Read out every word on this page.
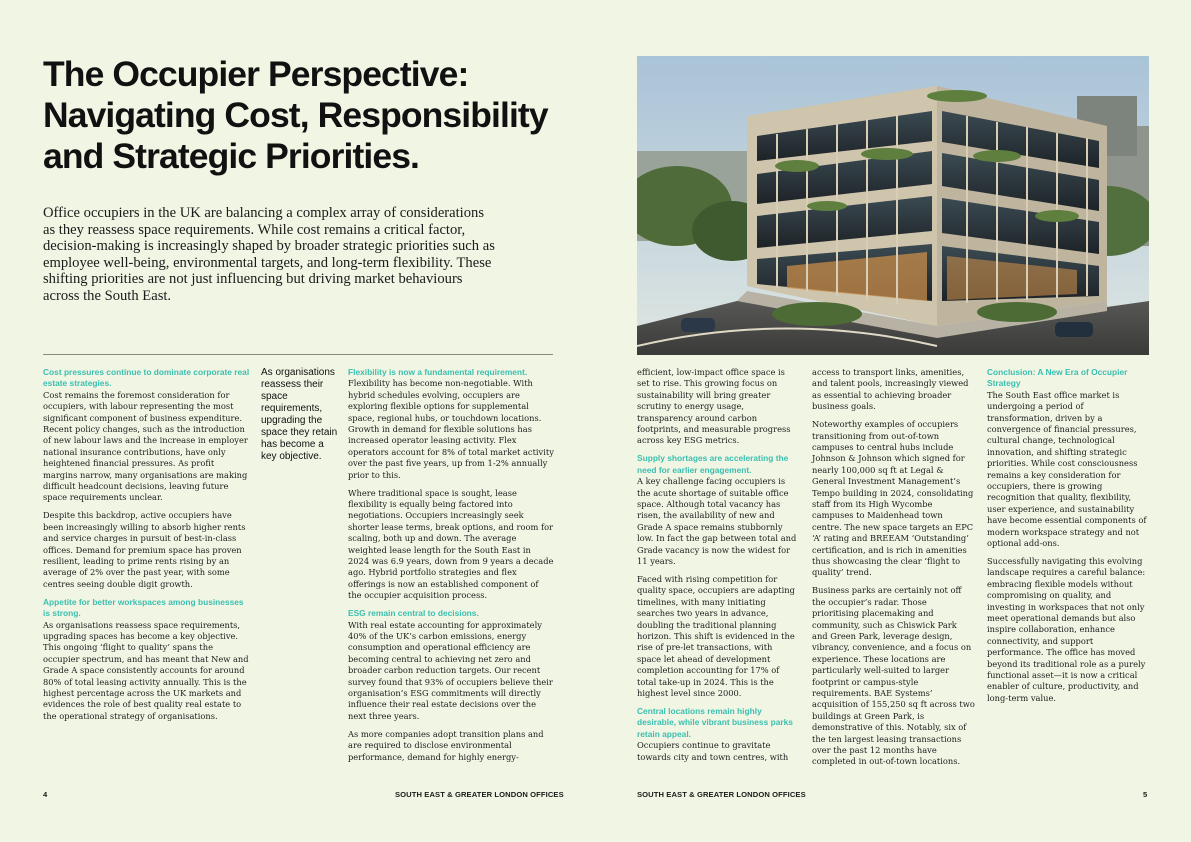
The Occupier Perspective:
Navigating Cost, Responsibility
and Strategic Priorities.
Office occupiers in the UK are balancing a complex array of considerations
as they reassess space requirements. While cost remains a critical factor,
decision-making is increasingly shaped by broader strategic priorities such as
employee well-being, environmental targets, and long-term flexibility. These
shifting priorities are not just influencing but driving market behaviours
across the South East.
Cost pressures continue to dominate corporate real estate strategies.

Cost remains the foremost consideration for occupiers, with labour representing the most significant component of business expenditure. Recent policy changes, such as the introduction of new labour laws and the increase in employer national insurance contributions, have only heightened financial pressures. As profit margins narrow, many organisations are making difficult headcount decisions, leaving future space requirements unclear.

Despite this backdrop, active occupiers have been increasingly willing to absorb higher rents and service charges in pursuit of best-in-class offices. Demand for premium space has proven resilient, leading to prime rents rising by an average of 2% over the past year, with some centres seeing double digit growth.

Appetite for better workspaces among businesses is strong.

As organisations reassess space requirements, upgrading spaces has become a key objective. This ongoing ‘flight to quality’ spans the occupier spectrum, and has meant that New and Grade A space consistently accounts for around 80% of total leasing activity annually. This is the highest percentage across the UK markets and evidences the role of best quality real estate to the operational strategy of organisations.

As organisations reassess their space requirements, upgrading the space they retain has become a key objective.
Flexibility is now a fundamental requirement.

Flexibility has become non-negotiable. With hybrid schedules evolving, occupiers are exploring flexible options for supplemental space, regional hubs, or touchdown locations. Growth in demand for flexible solutions has increased operator leasing activity. Flex operators account for 8% of total market activity over the past five years, up from 1-2% annually prior to this.

Where traditional space is sought, lease flexibility is equally being factored into negotiations. Occupiers increasingly seek shorter lease terms, break options, and room for scaling, both up and down. The average weighted lease length for the South East in 2024 was 6.9 years, down from 9 years a decade ago. Hybrid portfolio strategies and flex offerings is now an established component of the occupier acquisition process.

ESG remain central to decisions.

With real estate accounting for approximately 40% of the UK’s carbon emissions, energy consumption and operational efficiency are becoming central to achieving net zero and broader carbon reduction targets. Our recent survey found that 93% of occupiers believe their organisation’s ESG commitments will directly influence their real estate decisions over the next three years.

As more companies adopt transition plans and are required to disclose environmental performance, demand for highly energy-

efficient, low-impact office space is set to rise. This growing focus on sustainability will bring greater scrutiny to energy usage, transparency around carbon footprints, and measurable progress across key ESG metrics.

Supply shortages are accelerating the need for earlier engagement.

A key challenge facing occupiers is the acute shortage of suitable office space. Although total vacancy has risen, the availability of new and Grade A space remains stubbornly low. In fact the gap between total and Grade vacancy is now the widest for 11 years.

Faced with rising competition for quality space, occupiers are adapting timelines, with many initiating searches two years in advance, doubling the traditional planning horizon. This shift is evidenced in the rise of pre-let transactions, with space let ahead of development completion accounting for 17% of total take-up in 2024. This is the highest level since 2000.

Central locations remain highly desirable, while vibrant business parks retain appeal.

Occupiers continue to gravitate towards city and town centres, with

access to transport links, amenities, and talent pools, increasingly viewed as essential to achieving broader business goals.

Noteworthy examples of occupiers transitioning from out-of-town campuses to central hubs include Johnson & Johnson which signed for nearly 100,000 sq ft at Legal & General Investment Management’s Tempo building in 2024, consolidating staff from its High Wycombe campuses to Maidenhead town centre. The new space targets an EPC ‘A’ rating and BREEAM ‘Outstanding’ certification, and is rich in amenities thus showcasing the clear ‘flight to quality’ trend.

Business parks are certainly not off the occupier’s radar. Those prioritising placemaking and community, such as Chiswick Park and Green Park, leverage design, vibrancy, convenience, and a focus on experience. These locations are particularly well-suited to larger footprint or campus-style requirements. BAE Systems’ acquisition of 155,250 sq ft across two buildings at Green Park, is demonstrative of this. Notably, six of the ten largest leasing transactions over the past 12 months have completed in out-of-town locations.

Conclusion: A New Era of Occupier Strategy

The South East office market is undergoing a period of transformation, driven by a convergence of financial pressures, cultural change, technological innovation, and shifting strategic priorities. While cost consciousness remains a key consideration for occupiers, there is growing recognition that quality, flexibility, user experience, and sustainability have become essential components of modern workspace strategy and not optional add-ons.

Successfully navigating this evolving landscape requires a careful balance: embracing flexible models without compromising on quality, and investing in workspaces that not only meet operational demands but also inspire collaboration, enhance connectivity, and support performance. The office has moved beyond its traditional role as a purely functional asset—it is now a critical enabler of culture, productivity, and long-term value.

4	SOUTH EAST & GREATER LONDON OFFICES	SOUTH EAST & GREATER LONDON OFFICES	5
